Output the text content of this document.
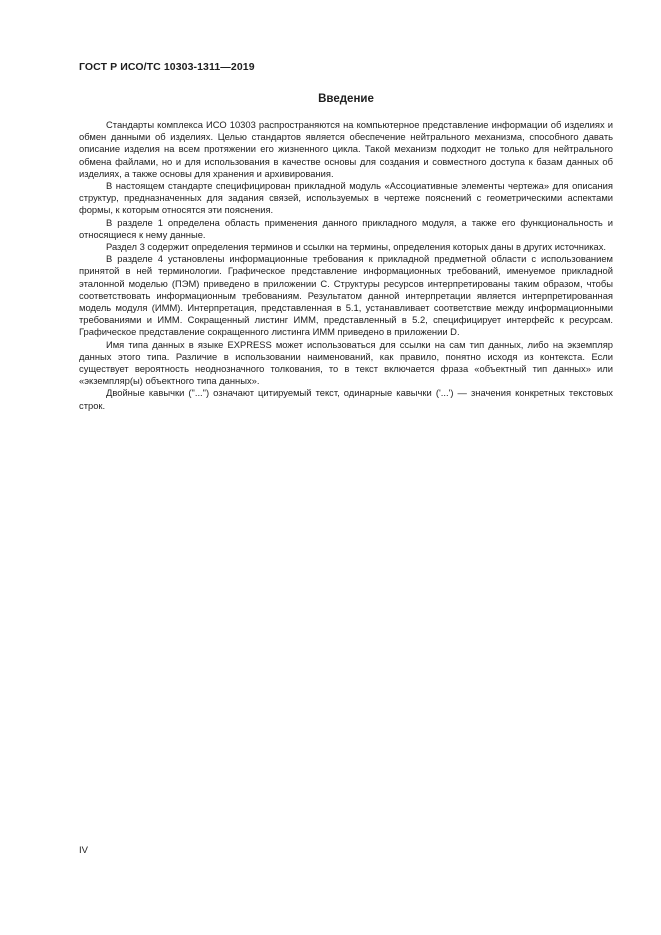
ГОСТ Р ИСО/ТС 10303-1311—2019
Введение

Стандарты комплекса ИСО 10303 распространяются на компьютерное представление информации об изделиях и обмен данными об изделиях. Целью стандартов является обеспечение нейтрального механизма, способного давать описание изделия на всем протяжении его жизненного цикла. Такой механизм подходит не только для нейтрального обмена файлами, но и для использования в качестве основы для создания и совместного доступа к базам данных об изделиях, а также основы для хранения и архивирования.

В настоящем стандарте специфицирован прикладной модуль «Ассоциативные элементы чертежа» для описания структур, предназначенных для задания связей, используемых в чертеже пояснений с геометрическими аспектами формы, к которым относятся эти пояснения.

В разделе 1 определена область применения данного прикладного модуля, а также его функциональность и относящиеся к нему данные.

Раздел 3 содержит определения терминов и ссылки на термины, определения которых даны в других источниках.

В разделе 4 установлены информационные требования к прикладной предметной области с использованием принятой в ней терминологии. Графическое представление информационных требований, именуемое прикладной эталонной моделью (ПЭМ) приведено в приложении С. Структуры ресурсов интерпретированы таким образом, чтобы соответствовать информационным требованиям. Результатом данной интерпретации является интерпретированная модель модуля (ИММ). Интерпретация, представленная в 5.1, устанавливает соответствие между информационными требованиями и ИММ. Сокращенный листинг ИММ, представленный в 5.2, специфицирует интерфейс к ресурсам. Графическое представление сокращенного листинга ИММ приведено в приложении D.

Имя типа данных в языке EXPRESS может использоваться для ссылки на сам тип данных, либо на экземпляр данных этого типа. Различие в использовании наименований, как правило, понятно исходя из контекста. Если существует вероятность неоднозначного толкования, то в текст включается фраза «объектный тип данных» или «экземпляр(ы) объектного типа данных».

Двойные кавычки ("...") означают цитируемый текст, одинарные кавычки ('...') — значения конкретных текстовых строк.

IV
